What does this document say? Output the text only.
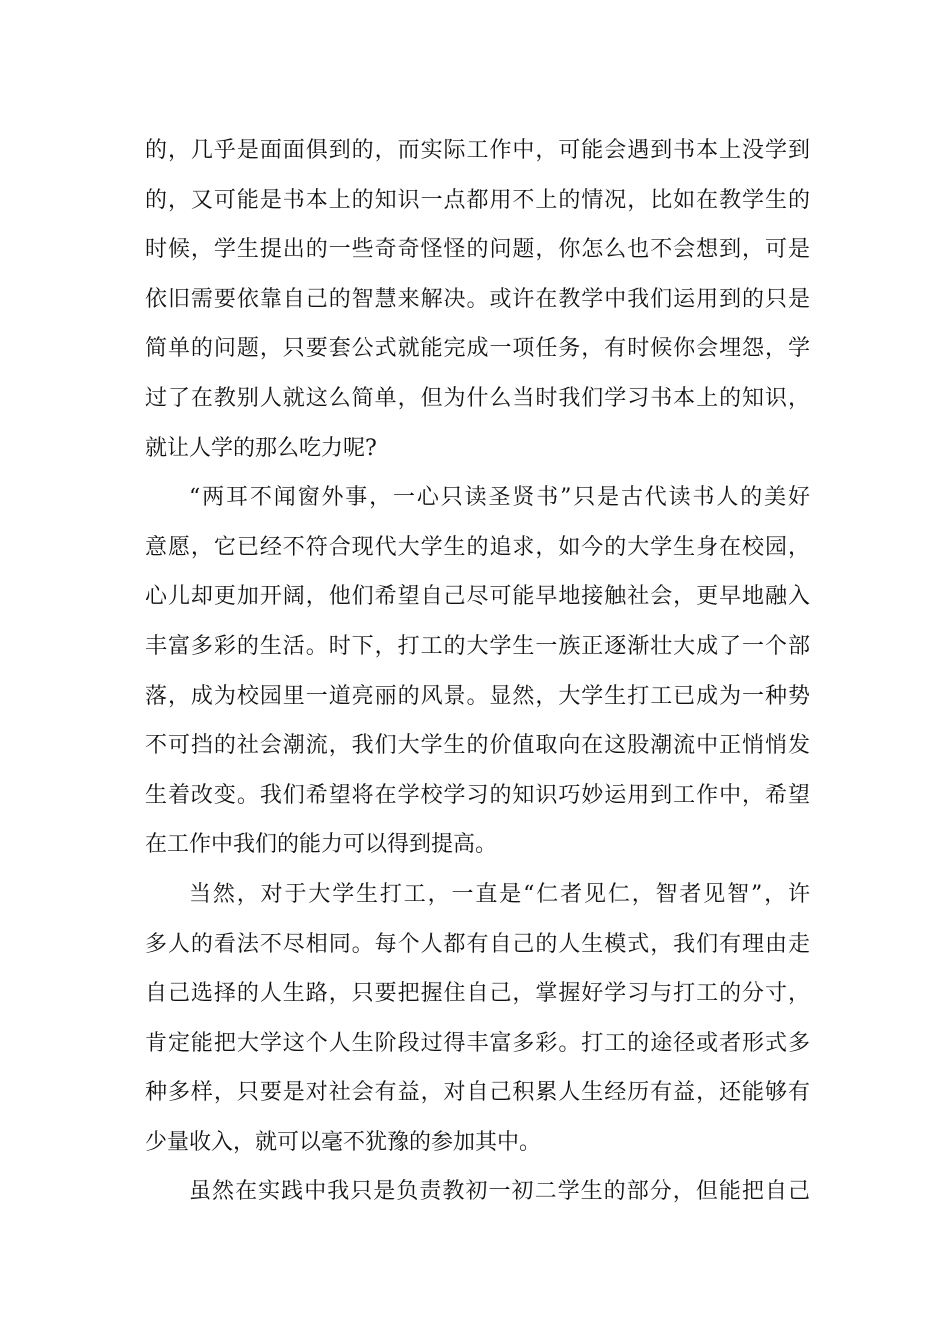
的，几乎是面面俱到的，而实际工作中，可能会遇到书本上没学到
的，又可能是书本上的知识一点都用不上的情况，比如在教学生的
时候，学生提出的一些奇奇怪怪的问题，你怎么也不会想到，可是
依旧需要依靠自己的智慧来解决。或许在教学中我们运用到的只是
简单的问题，只要套公式就能完成一项任务，有时候你会埋怨，学
过了在教别人就这么简单，但为什么当时我们学习书本上的知识，
就让人学的那么吃力呢?
“两耳不闻窗外事，一心只读圣贤书”只是古代读书人的美好
意愿，它已经不符合现代大学生的追求，如今的大学生身在校园，
心儿却更加开阔，他们希望自己尽可能早地接触社会，更早地融入
丰富多彩的生活。时下，打工的大学生一族正逐渐壮大成了一个部
落，成为校园里一道亮丽的风景。显然，大学生打工已成为一种势
不可挡的社会潮流，我们大学生的价值取向在这股潮流中正悄悄发
生着改变。我们希望将在学校学习的知识巧妙运用到工作中，希望
在工作中我们的能力可以得到提高。
当然，对于大学生打工，一直是“仁者见仁，智者见智”，许
多人的看法不尽相同。每个人都有自己的人生模式，我们有理由走
自己选择的人生路，只要把握住自己，掌握好学习与打工的分寸，
肯定能把大学这个人生阶段过得丰富多彩。打工的途径或者形式多
种多样，只要是对社会有益，对自己积累人生经历有益，还能够有
少量收入，就可以毫不犹豫的参加其中。
虽然在实践中我只是负责教初一初二学生的部分，但能把自己
